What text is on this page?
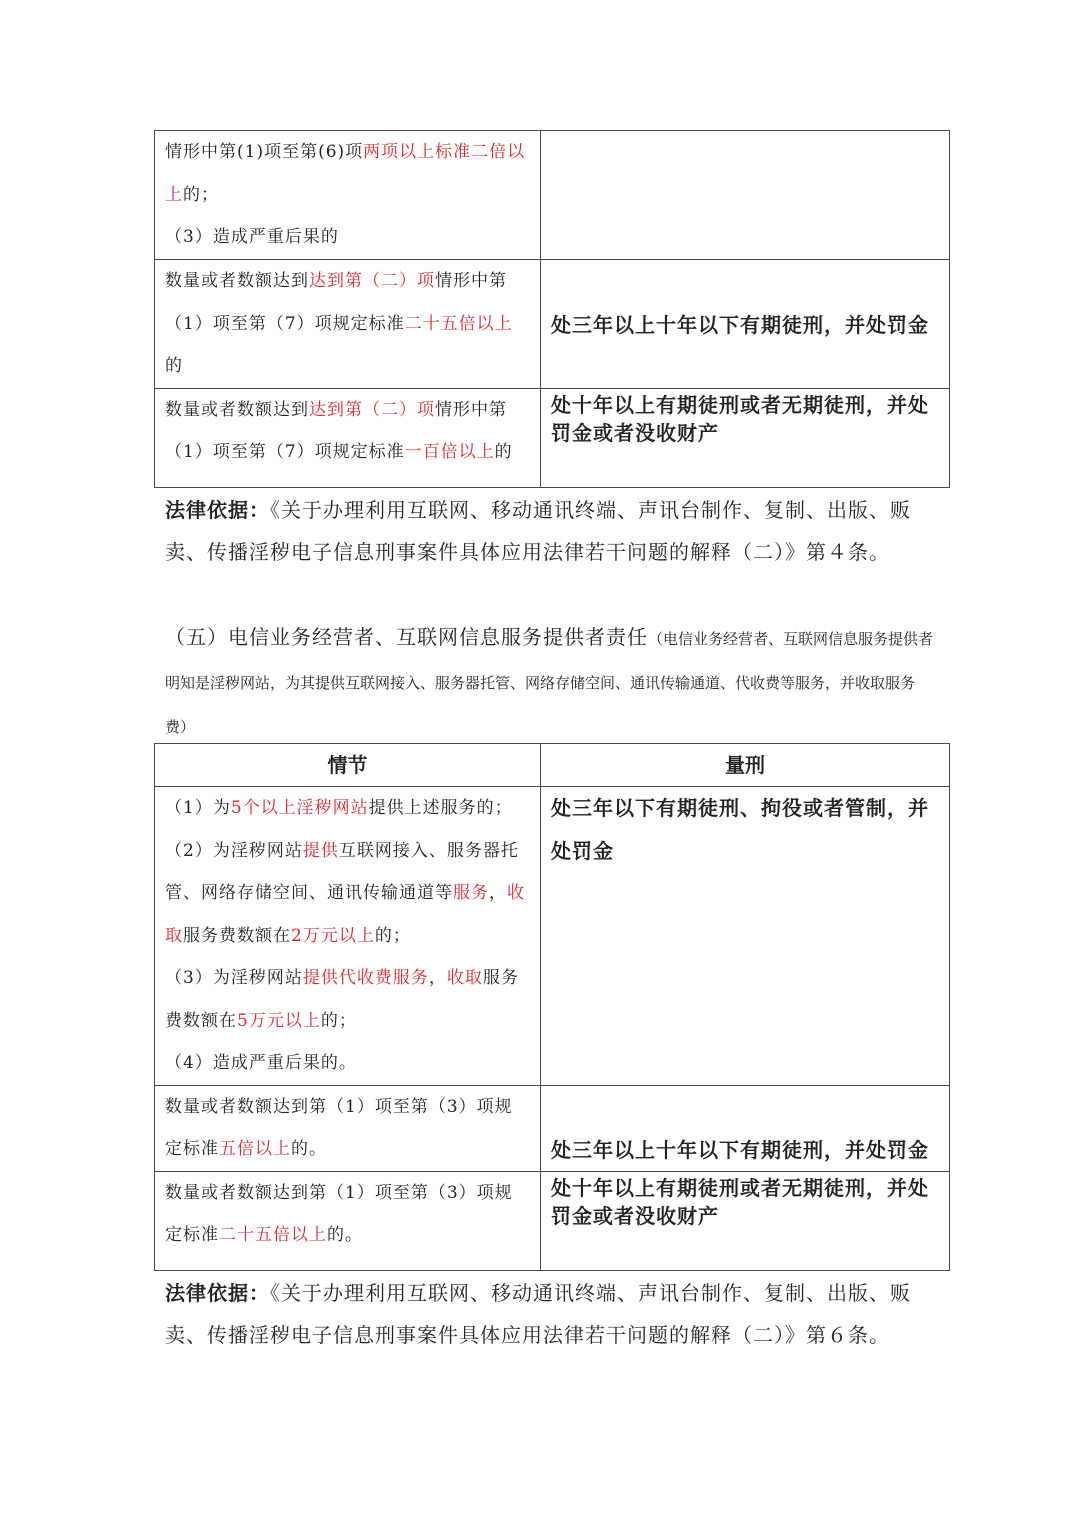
情形中第(1)项至第(6)项两项以上标准二倍以上的；
（3）造成严重后果的	
数量或者数额达到达到第（二）项情形中第（1）项至第（7）项规定标准二十五倍以上的	处三年以上十年以下有期徒刑，并处罚金
数量或者数额达到达到第（二）项情形中第（1）项至第（7）项规定标准一百倍以上的	处十年以上有期徒刑或者无期徒刑，并处罚金或者没收财产
法律依据：《关于办理利用互联网、移动通讯终端、声讯台制作、复制、出版、贩卖、传播淫秽电子信息刑事案件具体应用法律若干问题的解释（二）》第４条。
（五）电信业务经营者、互联网信息服务提供者责任（电信业务经营者、互联网信息服务提供者明知是淫秽网站，为其提供互联网接入、服务器托管、网络存储空间、通讯传输通道、代收费等服务，并收取服务费）
情节	量刑
（1）为5个以上淫秽网站提供上述服务的；
（2）为淫秽网站提供互联网接入、服务器托管、网络存储空间、通讯传输通道等服务，收取服务费数额在2万元以上的；
（3）为淫秽网站提供代收费服务，收取服务费数额在5万元以上的；
（4）造成严重后果的。	处三年以下有期徒刑、拘役或者管制，并处罚金
数量或者数额达到第（1）项至第（3）项规定标准五倍以上的。	处三年以上十年以下有期徒刑，并处罚金
数量或者数额达到第（1）项至第（3）项规定标准二十五倍以上的。	处十年以上有期徒刑或者无期徒刑，并处罚金或者没收财产
法律依据：《关于办理利用互联网、移动通讯终端、声讯台制作、复制、出版、贩卖、传播淫秽电子信息刑事案件具体应用法律若干问题的解释（二）》第６条。
